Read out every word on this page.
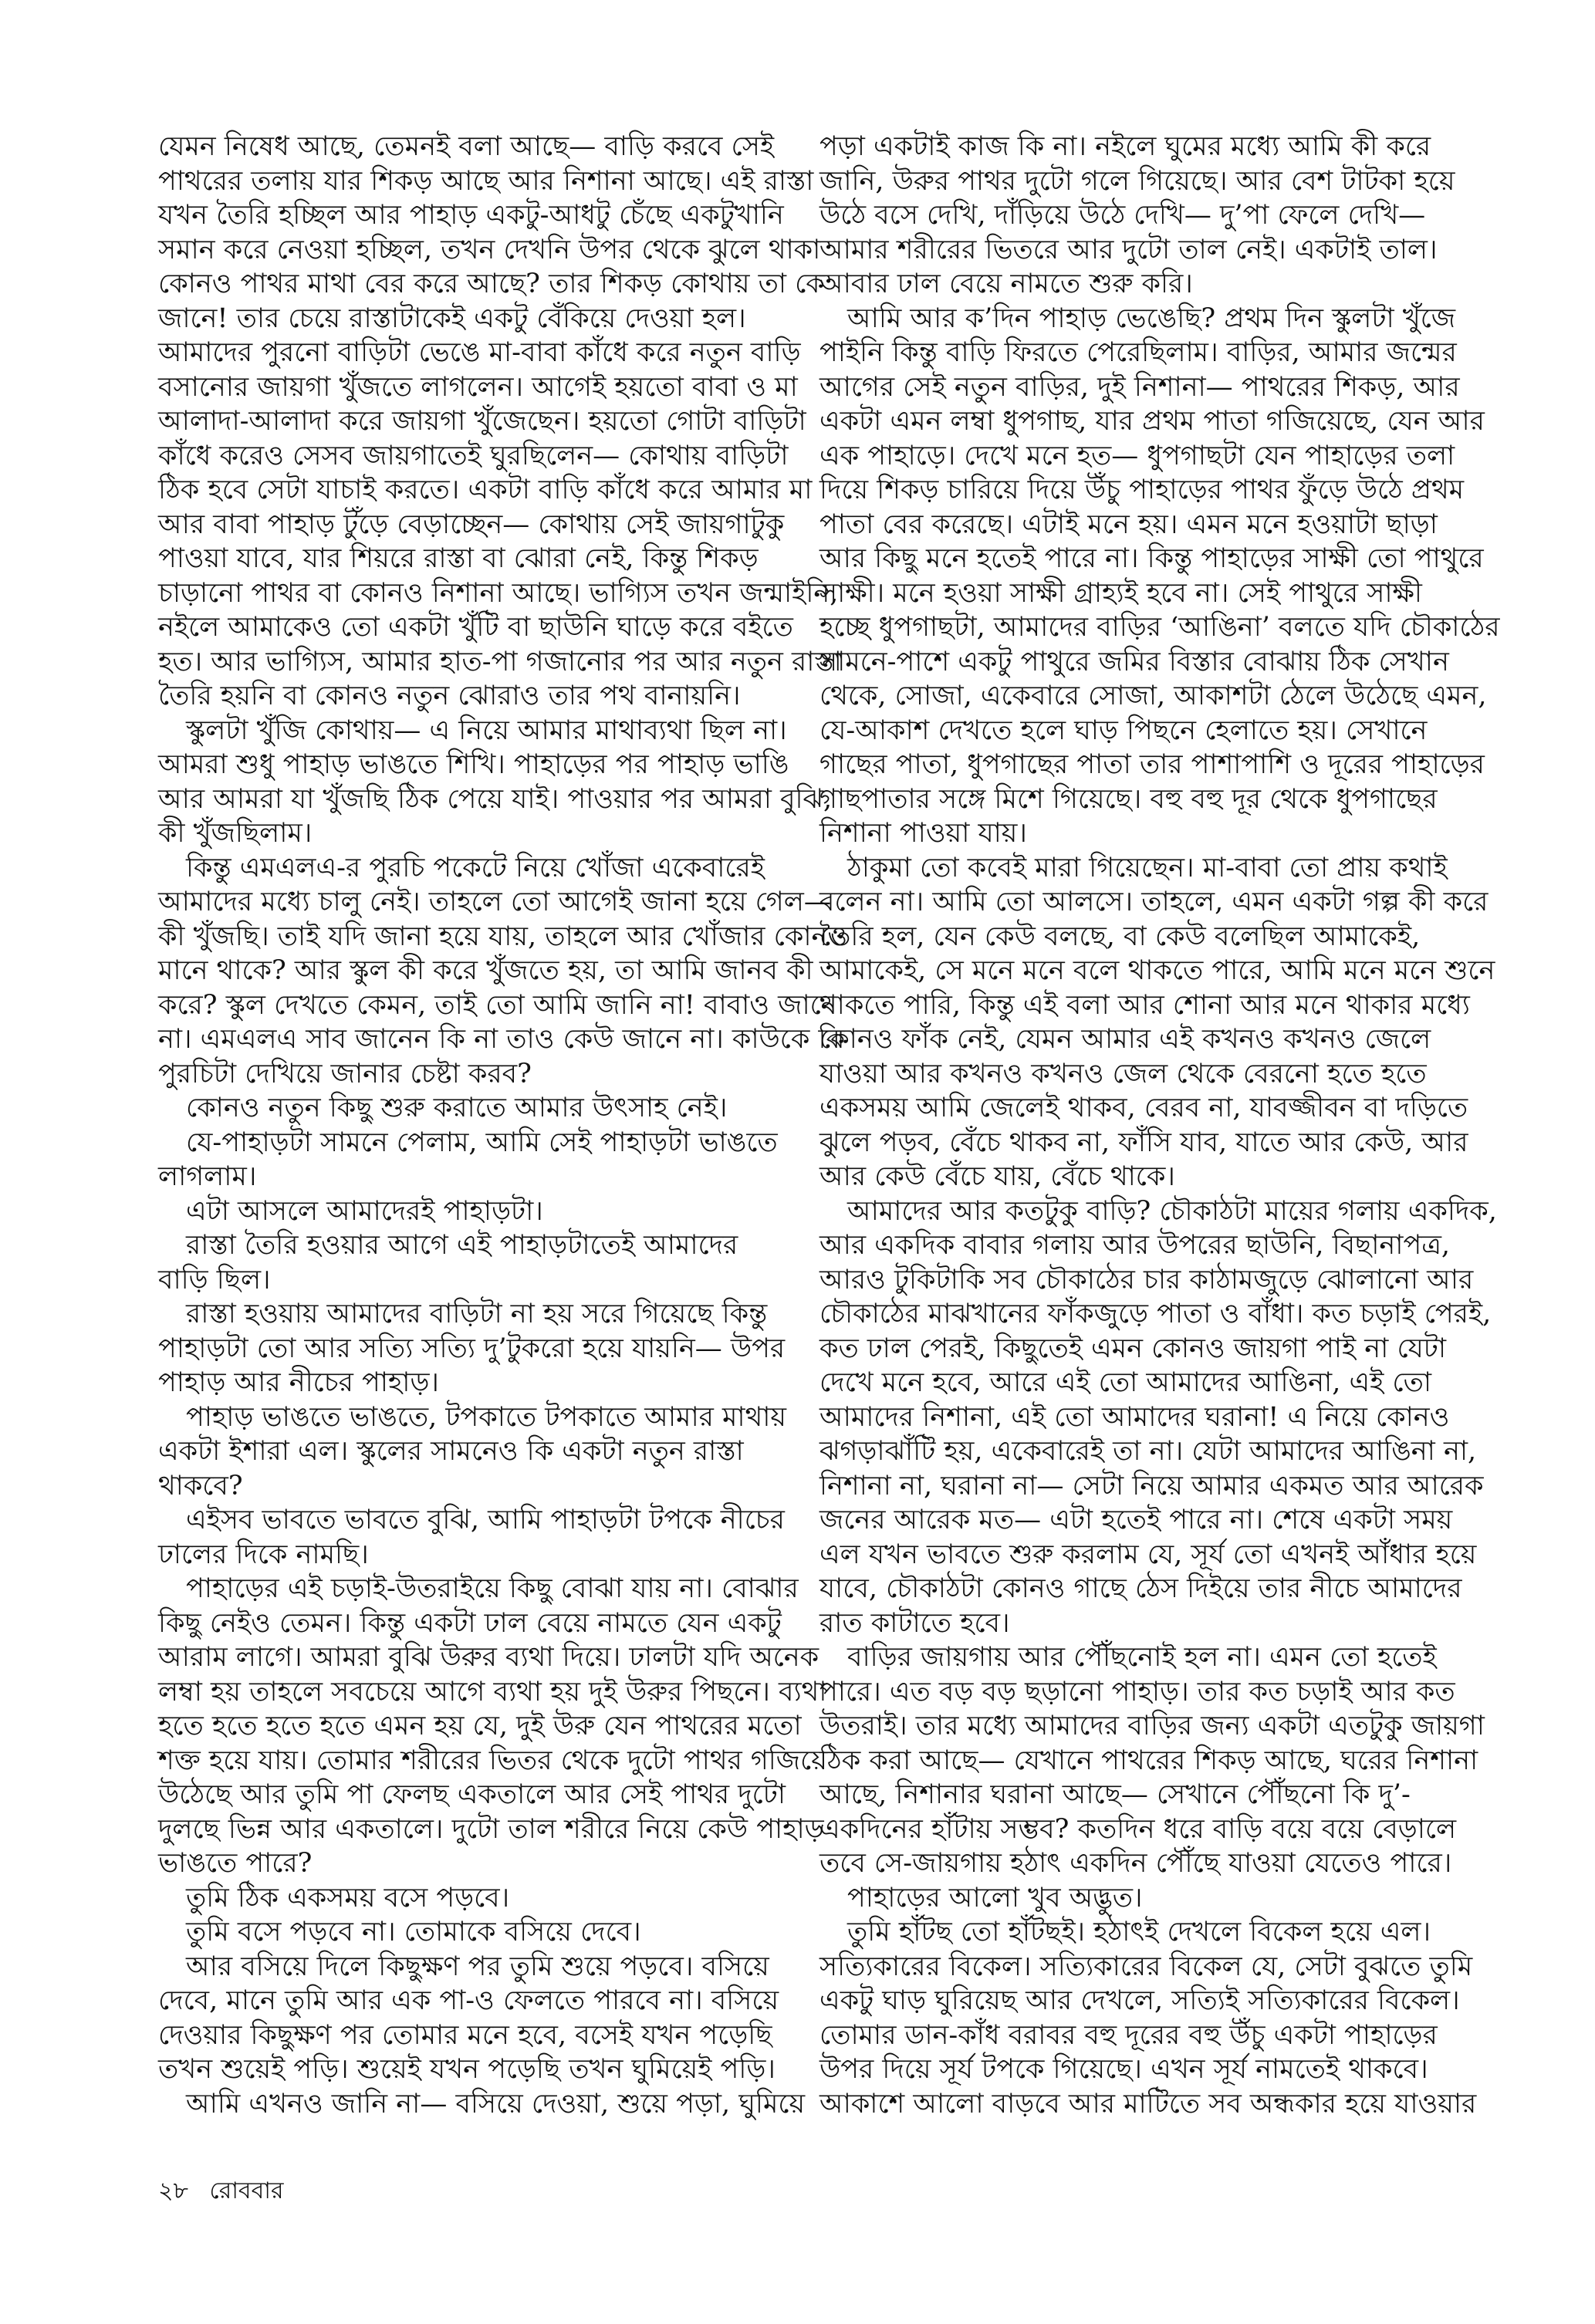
যেমন নিষেধ আছে, তেমনই বলা আছে— বাড়ি করবে সেই
পাথরের তলায় যার শিকড় আছে আর নিশানা আছে। এই রাস্তা
যখন তৈরি হচ্ছিল আর পাহাড় একটু-আধটু চেঁছে একটুখানি
সমান করে নেওয়া হচ্ছিল, তখন দেখনি উপর থেকে ঝুলে থাকা
কোনও পাথর মাথা বের করে আছে? তার শিকড় কোথায় তা কে
জানে! তার চেয়ে রাস্তাটাকেই একটু বেঁকিয়ে দেওয়া হল।
আমাদের পুরনো বাড়িটা ভেঙে মা-বাবা কাঁধে করে নতুন বাড়ি
বসানোর জায়গা খুঁজতে লাগলেন। আগেই হয়তো বাবা ও মা
আলাদা-আলাদা করে জায়গা খুঁজেছেন। হয়তো গোটা বাড়িটা
কাঁধে করেও সেসব জায়গাতেই ঘুরছিলেন— কোথায় বাড়িটা
ঠিক হবে সেটা যাচাই করতে। একটা বাড়ি কাঁধে করে আমার মা
আর বাবা পাহাড় টুঁড়ে বেড়াচ্ছেন— কোথায় সেই জায়গাটুকু
পাওয়া যাবে, যার শিয়রে রাস্তা বা ঝোরা নেই, কিন্তু শিকড়
চাড়ানো পাথর বা কোনও নিশানা আছে। ভাগ্যিস তখন জন্মাইনি,
নইলে আমাকেও তো একটা খুঁটি বা ছাউনি ঘাড়ে করে বইতে
হত। আর ভাগ্যিস, আমার হাত-পা গজানোর পর আর নতুন রাস্তা
তৈরি হয়নি বা কোনও নতুন ঝোরাও তার পথ বানায়নি।
স্কুলটা খুঁজি কোথায়— এ নিয়ে আমার মাথাব্যথা ছিল না।
আমরা শুধু পাহাড় ভাঙতে শিখি। পাহাড়ের পর পাহাড় ভাঙি
আর আমরা যা খুঁজছি ঠিক পেয়ে যাই। পাওয়ার পর আমরা বুঝি,
কী খুঁজছিলাম।
কিন্তু এমএলএ-র পুরচি পকেটে নিয়ে খোঁজা একেবারেই
আমাদের মধ্যে চালু নেই। তাহলে তো আগেই জানা হয়ে গেল—
কী খুঁজছি। তাই যদি জানা হয়ে যায়, তাহলে আর খোঁজার কোনও
মানে থাকে? আর স্কুল কী করে খুঁজতে হয়, তা আমি জানব কী
করে? স্কুল দেখতে কেমন, তাই তো আমি জানি না! বাবাও জানে
না। এমএলএ সাব জানেন কি না তাও কেউ জানে না। কাউকে কি
পুরচিটা দেখিয়ে জানার চেষ্টা করব?
কোনও নতুন কিছু শুরু করাতে আমার উৎসাহ নেই।
যে-পাহাড়টা সামনে পেলাম, আমি সেই পাহাড়টা ভাঙতে
লাগলাম।
এটা আসলে আমাদেরই পাহাড়টা।
রাস্তা তৈরি হওয়ার আগে এই পাহাড়টাতেই আমাদের
বাড়ি ছিল।
রাস্তা হওয়ায় আমাদের বাড়িটা না হয় সরে গিয়েছে কিন্তু
পাহাড়টা তো আর সত্যি সত্যি দু’টুকরো হয়ে যায়নি— উপর
পাহাড় আর নীচের পাহাড়।
পাহাড় ভাঙতে ভাঙতে, টপকাতে টপকাতে আমার মাথায়
একটা ইশারা এল। স্কুলের সামনেও কি একটা নতুন রাস্তা
থাকবে?
এইসব ভাবতে ভাবতে বুঝি, আমি পাহাড়টা টপকে নীচের
ঢালের দিকে নামছি।
পাহাড়ের এই চড়াই-উতরাইয়ে কিছু বোঝা যায় না। বোঝার
কিছু নেইও তেমন। কিন্তু একটা ঢাল বেয়ে নামতে যেন একটু
আরাম লাগে। আমরা বুঝি উরুর ব্যথা দিয়ে। ঢালটা যদি অনেক
লম্বা হয় তাহলে সবচেয়ে আগে ব্যথা হয় দুই উরুর পিছনে। ব্যথা
হতে হতে হতে হতে এমন হয় যে, দুই উরু যেন পাথরের মতো
শক্ত হয়ে যায়। তোমার শরীরের ভিতর থেকে দুটো পাথর গজিয়ে
উঠেছে আর তুমি পা ফেলছ একতালে আর সেই পাথর দুটো
দুলছে ভিন্ন আর একতালে। দুটো তাল শরীরে নিয়ে কেউ পাহাড়
ভাঙতে পারে?
তুমি ঠিক একসময় বসে পড়বে।
তুমি বসে পড়বে না। তোমাকে বসিয়ে দেবে।
আর বসিয়ে দিলে কিছুক্ষণ পর তুমি শুয়ে পড়বে। বসিয়ে
দেবে, মানে তুমি আর এক পা-ও ফেলতে পারবে না। বসিয়ে
দেওয়ার কিছুক্ষণ পর তোমার মনে হবে, বসেই যখন পড়েছি
তখন শুয়েই পড়ি। শুয়েই যখন পড়েছি তখন ঘুমিয়েই পড়ি।
আমি এখনও জানি না— বসিয়ে দেওয়া, শুয়ে পড়া, ঘুমিয়ে
পড়া একটাই কাজ কি না। নইলে ঘুমের মধ্যে আমি কী করে
জানি, উরুর পাথর দুটো গলে গিয়েছে। আর বেশ টাটকা হয়ে
উঠে বসে দেখি, দাঁড়িয়ে উঠে দেখি— দু’পা ফেলে দেখি—
আমার শরীরের ভিতরে আর দুটো তাল নেই। একটাই তাল।
আবার ঢাল বেয়ে নামতে শুরু করি।
আমি আর ক’দিন পাহাড় ভেঙেছি? প্রথম দিন স্কুলটা খুঁজে
পাইনি কিন্তু বাড়ি ফিরতে পেরেছিলাম। বাড়ির, আমার জন্মের
আগের সেই নতুন বাড়ির, দুই নিশানা— পাথরের শিকড়, আর
একটা এমন লম্বা ধুপগাছ, যার প্রথম পাতা গজিয়েছে, যেন আর
এক পাহাড়ে। দেখে মনে হত— ধুপগাছটা যেন পাহাড়ের তলা
দিয়ে শিকড় চারিয়ে দিয়ে উঁচু পাহাড়ের পাথর ফুঁড়ে উঠে প্রথম
পাতা বের করেছে। এটাই মনে হয়। এমন মনে হওয়াটা ছাড়া
আর কিছু মনে হতেই পারে না। কিন্তু পাহাড়ের সাক্ষী তো পাথুরে
সাক্ষী। মনে হওয়া সাক্ষী গ্রাহ্যই হবে না। সেই পাথুরে সাক্ষী
হচ্ছে ধুপগাছটা, আমাদের বাড়ির ‘আঙিনা’ বলতে যদি চৌকাঠের
সামনে-পাশে একটু পাথুরে জমির বিস্তার বোঝায় ঠিক সেখান
থেকে, সোজা, একেবারে সোজা, আকাশটা ঠেলে উঠেছে এমন,
যে-আকাশ দেখতে হলে ঘাড় পিছনে হেলাতে হয়। সেখানে
গাছের পাতা, ধুপগাছের পাতা তার পাশাপাশি ও দূরের পাহাড়ের
গাছপাতার সঙ্গে মিশে গিয়েছে। বহু বহু দূর থেকে ধুপগাছের
নিশানা পাওয়া যায়।
ঠাকুমা তো কবেই মারা গিয়েছেন। মা-বাবা তো প্রায় কথাই
বলেন না। আমি তো আলসে। তাহলে, এমন একটা গল্প কী করে
তৈরি হল, যেন কেউ বলছে, বা কেউ বলেছিল আমাকেই,
আমাকেই, সে মনে মনে বলে থাকতে পারে, আমি মনে মনে শুনে
থাকতে পারি, কিন্তু এই বলা আর শোনা আর মনে থাকার মধ্যে
কোনও ফাঁক নেই, যেমন আমার এই কখনও কখনও জেলে
যাওয়া আর কখনও কখনও জেল থেকে বেরনো হতে হতে
একসময় আমি জেলেই থাকব, বেরব না, যাবজ্জীবন বা দড়িতে
ঝুলে পড়ব, বেঁচে থাকব না, ফাঁসি যাব, যাতে আর কেউ, আর
আর কেউ বেঁচে যায়, বেঁচে থাকে।
আমাদের আর কতটুকু বাড়ি? চৌকাঠটা মায়ের গলায় একদিক,
আর একদিক বাবার গলায় আর উপরের ছাউনি, বিছানাপত্র,
আরও টুকিটাকি সব চৌকাঠের চার কাঠামজুড়ে ঝোলানো আর
চৌকাঠের মাঝখানের ফাঁকজুড়ে পাতা ও বাঁধা। কত চড়াই পেরই,
কত ঢাল পেরই, কিছুতেই এমন কোনও জায়গা পাই না যেটা
দেখে মনে হবে, আরে এই তো আমাদের আঙিনা, এই তো
আমাদের নিশানা, এই তো আমাদের ঘরানা! এ নিয়ে কোনও
ঝগড়াঝাঁটি হয়, একেবারেই তা না। যেটা আমাদের আঙিনা না,
নিশানা না, ঘরানা না— সেটা নিয়ে আমার একমত আর আরেক
জনের আরেক মত— এটা হতেই পারে না। শেষে একটা সময়
এল যখন ভাবতে শুরু করলাম যে, সূর্য তো এখনই আঁধার হয়ে
যাবে, চৌকাঠটা কোনও গাছে ঠেস দিইয়ে তার নীচে আমাদের
রাত কাটাতে হবে।
বাড়ির জায়গায় আর পৌঁছনোই হল না। এমন তো হতেই
পারে। এত বড় বড় ছড়ানো পাহাড়। তার কত চড়াই আর কত
উতরাই। তার মধ্যে আমাদের বাড়ির জন্য একটা এতটুকু জায়গা
ঠিক করা আছে— যেখানে পাথরের শিকড় আছে, ঘরের নিশানা
আছে, নিশানার ঘরানা আছে— সেখানে পৌঁছনো কি দু’-
একদিনের হাঁটায় সম্ভব? কতদিন ধরে বাড়ি বয়ে বয়ে বেড়ালে
তবে সে-জায়গায় হঠাৎ একদিন পৌঁছে যাওয়া যেতেও পারে।
পাহাড়ের আলো খুব অদ্ভুত।
তুমি হাঁটছ তো হাঁটছই। হঠাৎই দেখলে বিকেল হয়ে এল।
সত্যিকারের বিকেল। সত্যিকারের বিকেল যে, সেটা বুঝতে তুমি
একটু ঘাড় ঘুরিয়েছ আর দেখলে, সত্যিই সত্যিকারের বিকেল।
তোমার ডান-কাঁধ বরাবর বহু দূরের বহু উঁচু একটা পাহাড়ের
উপর দিয়ে সূর্য টপকে গিয়েছে। এখন সূর্য নামতেই থাকবে।
আকাশে আলো বাড়বে আর মাটিতে সব অন্ধকার হয়ে যাওয়ার
২৮ রোববার
